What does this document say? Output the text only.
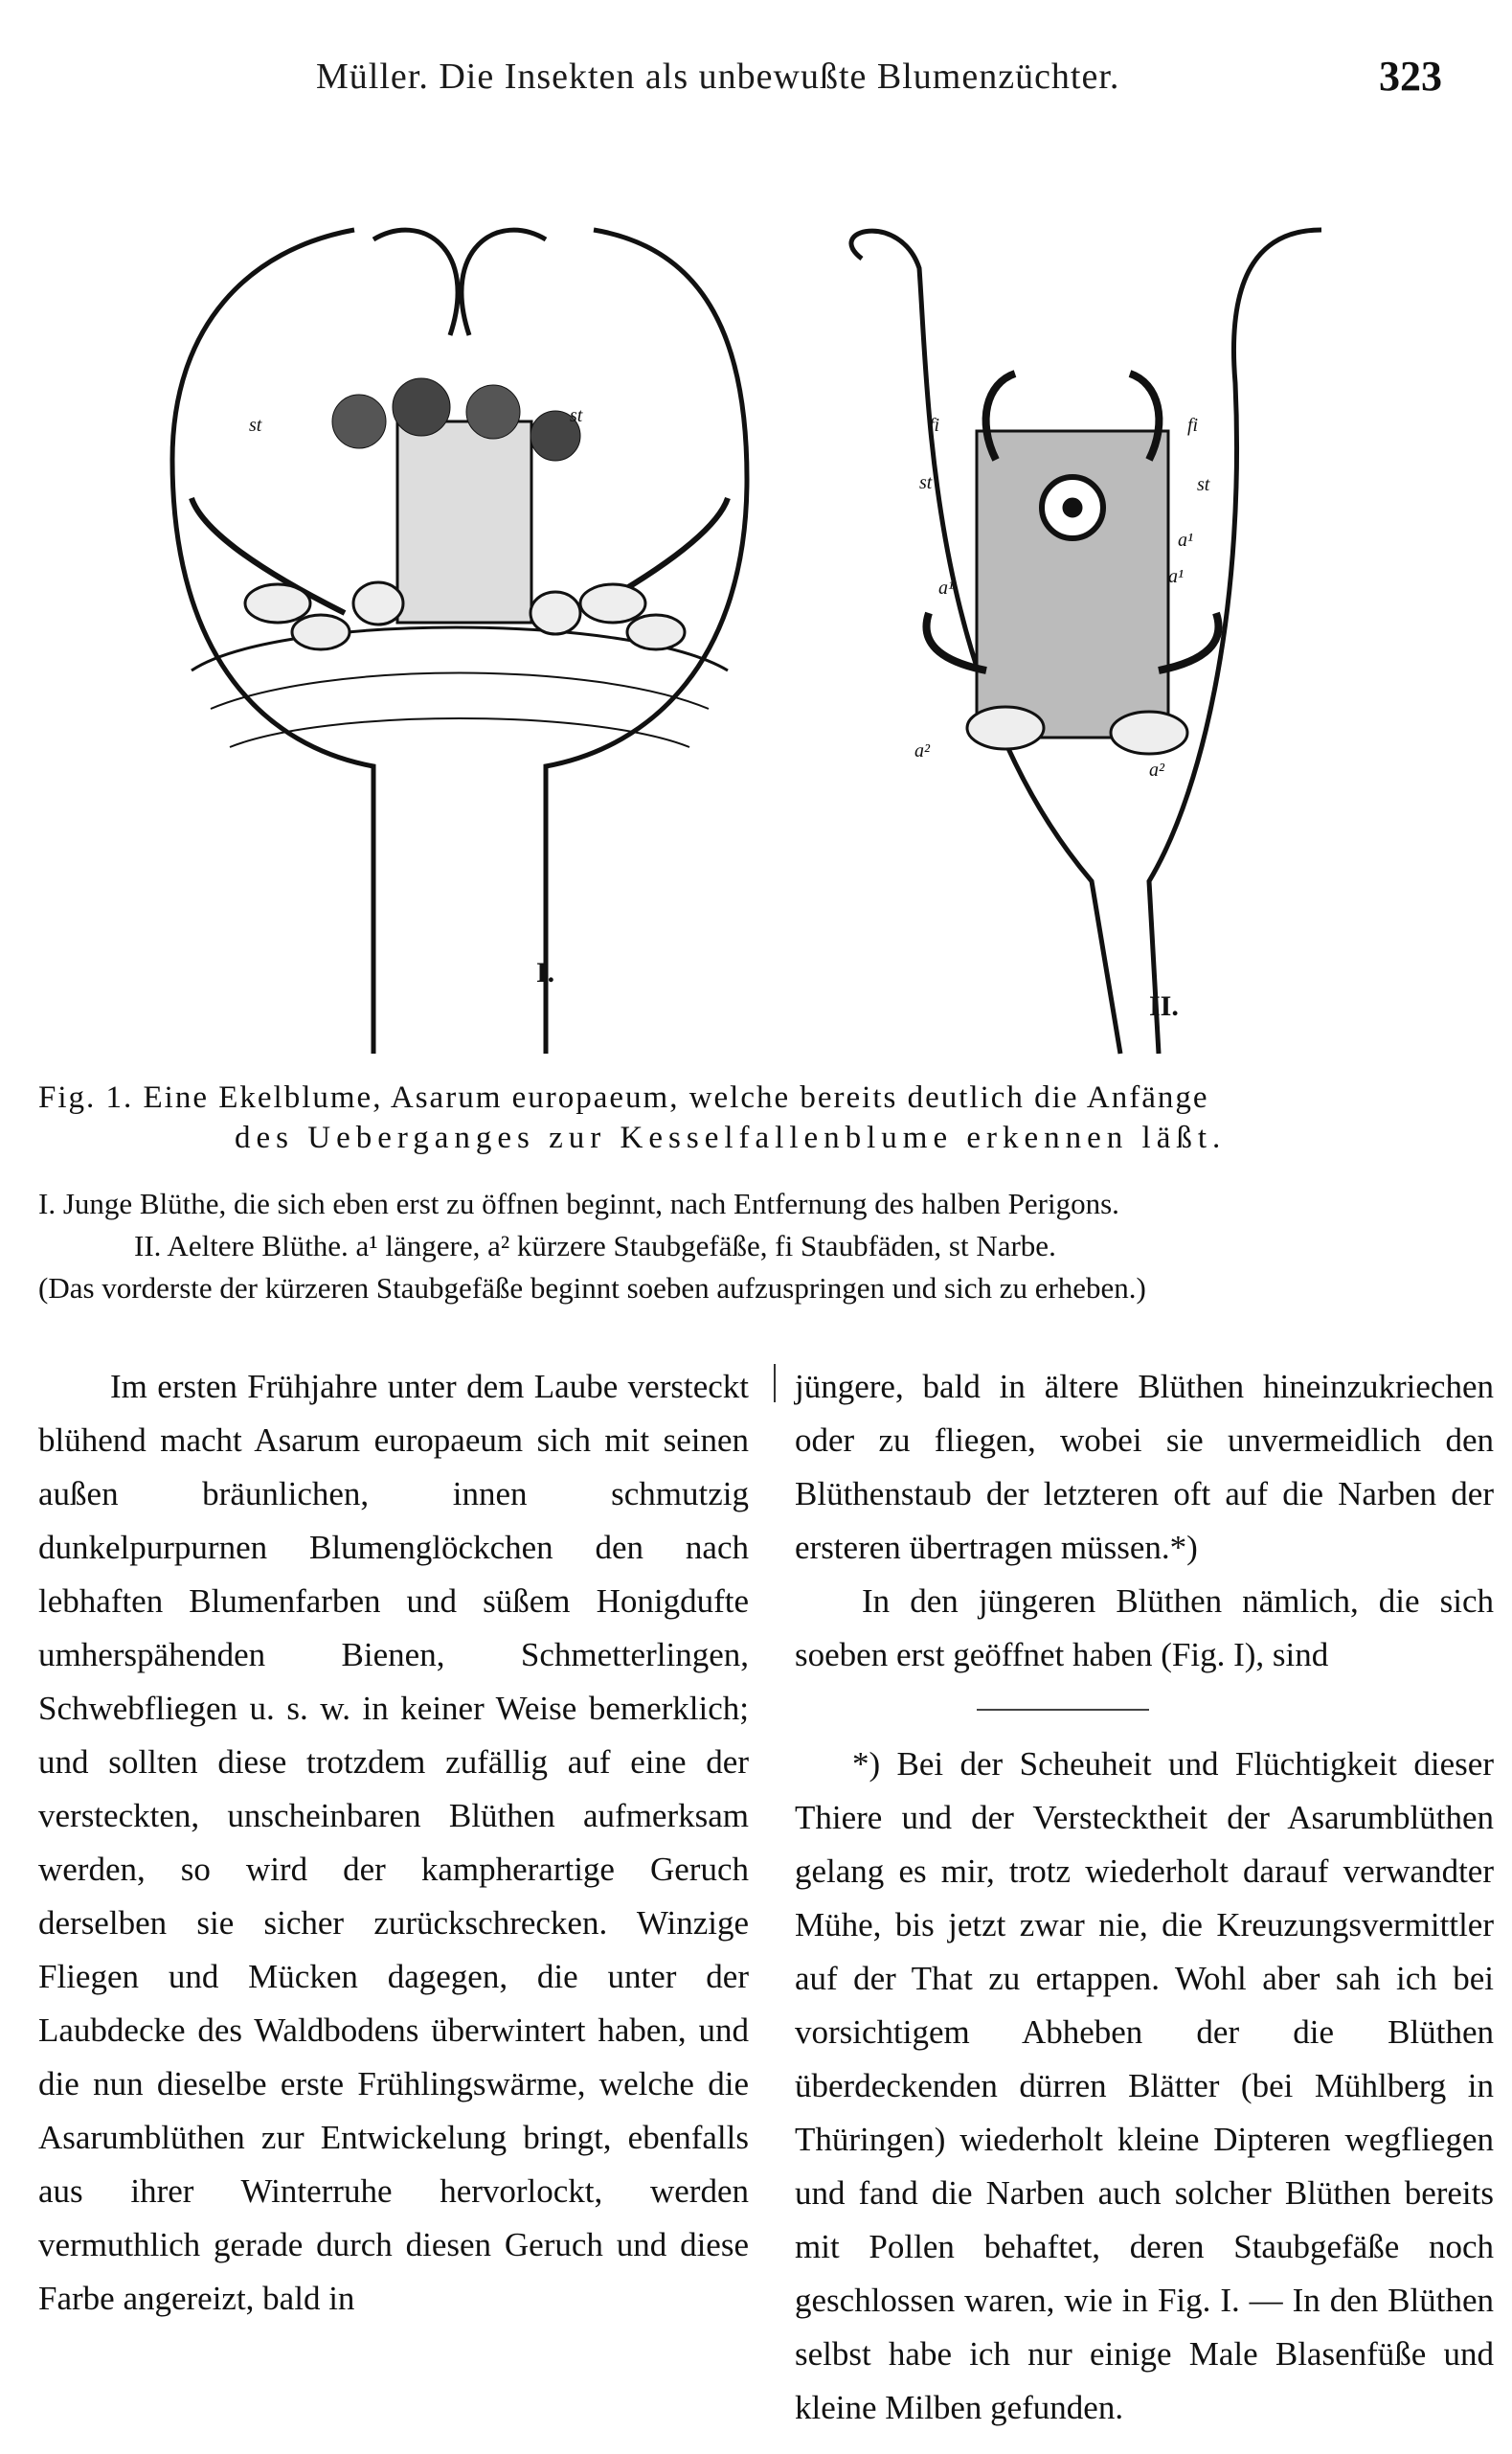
Müller. Die Insekten als unbewußte Blumenzüchter.	323
st	st	fi	fi
st	st
a¹
a¹
a¹
a²
a²
I.
II.
Fig. 1. Eine Ekelblume, Asarum europaeum, welche bereits deutlich die Anfänge
des Ueberganges zur Kesselfallenblume erkennen läßt.
I. Junge Blüthe, die sich eben erst zu öffnen beginnt, nach Entfernung des halben Perigons.
II. Aeltere Blüthe. a¹ längere, a² kürzere Staubgefäße, fi Staubfäden, st Narbe.
(Das vorderste der kürzeren Staubgefäße beginnt soeben aufzuspringen und sich zu erheben.)
Im ersten Frühjahre unter dem Laube versteckt blühend macht Asarum europaeum sich mit seinen außen bräunlichen, innen schmutzig dunkelpurpurnen Blumenglöckchen den nach lebhaften Blumenfarben und süßem Honigdufte umherspähenden Bienen, Schmetterlingen, Schwebfliegen u. s. w. in keiner Weise bemerklich; und sollten diese trotzdem zufällig auf eine der versteckten, unscheinbaren Blüthen aufmerksam werden, so wird der kampherartige Geruch derselben sie sicher zurückschrecken. Winzige Fliegen und Mücken dagegen, die unter der Laubdecke des Waldbodens überwintert haben, und die nun dieselbe erste Frühlingswärme, welche die Asarumblüthen zur Entwickelung bringt, ebenfalls aus ihrer Winterruhe hervorlockt, werden vermuthlich gerade durch diesen Geruch und diese Farbe angereizt, bald in

jüngere, bald in ältere Blüthen hineinzukriechen oder zu fliegen, wobei sie unvermeidlich den Blüthenstaub der letzteren oft auf die Narben der ersteren übertragen müssen.*)

In den jüngeren Blüthen nämlich, die sich soeben erst geöffnet haben (Fig. I), sind

*) Bei der Scheuheit und Flüchtigkeit dieser Thiere und der Verstecktheit der Asarumblüthen gelang es mir, trotz wiederholt darauf verwandter Mühe, bis jetzt zwar nie, die Kreuzungsvermittler auf der That zu ertappen. Wohl aber sah ich bei vorsichtigem Abheben der die Blüthen überdeckenden dürren Blätter (bei Mühlberg in Thüringen) wiederholt kleine Dipteren wegfliegen und fand die Narben auch solcher Blüthen bereits mit Pollen behaftet, deren Staubgefäße noch geschlossen waren, wie in Fig. I. — In den Blüthen selbst habe ich nur einige Male Blasenfüße und kleine Milben gefunden.
